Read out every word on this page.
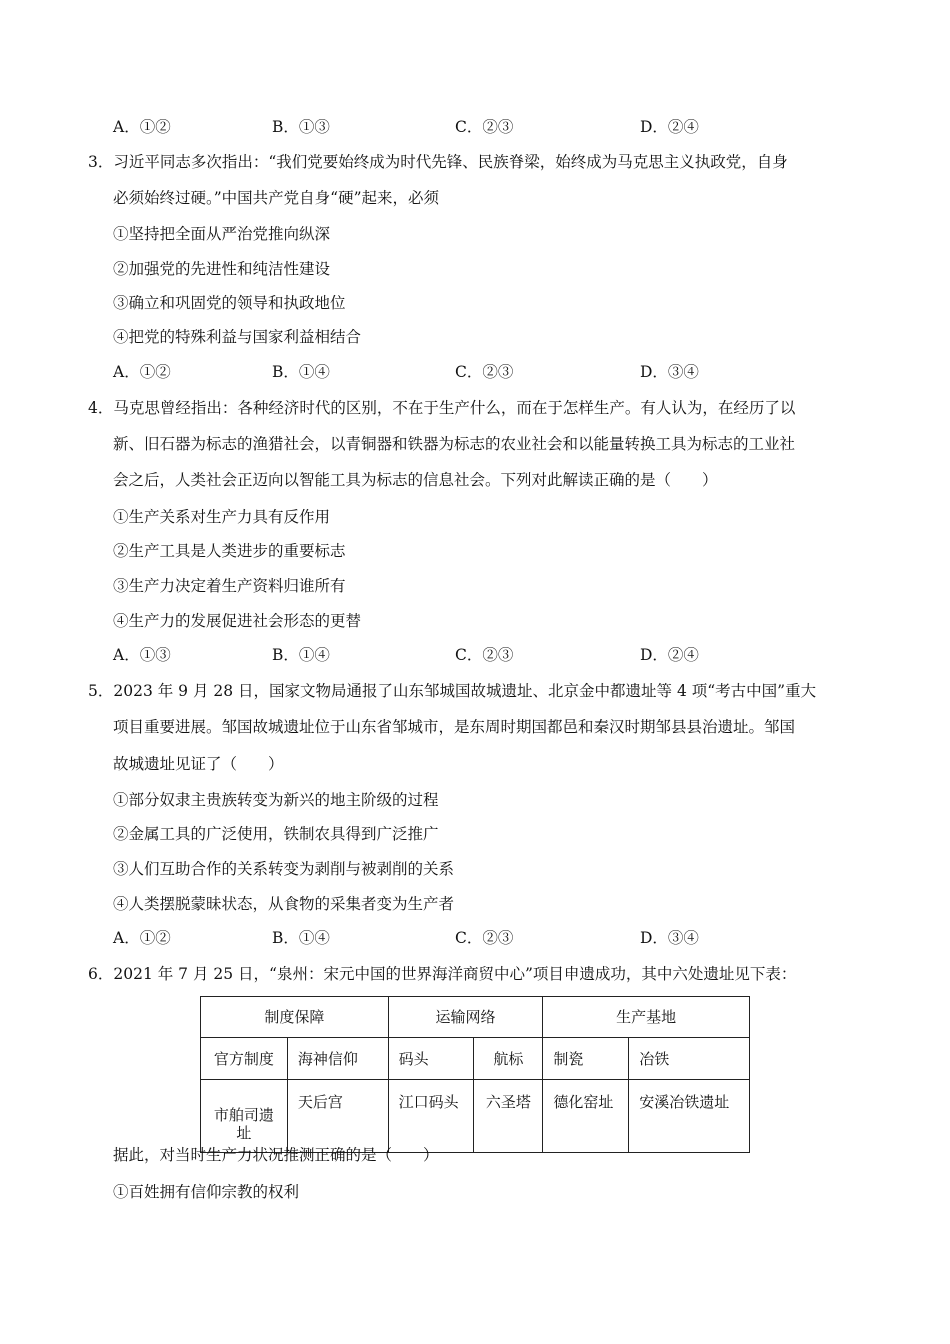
A．①②	B．①③	C．②③	D．②④
3．习近平同志多次指出：“我们党要始终成为时代先锋、民族脊梁，始终成为马克思主义执政党，自身
必须始终过硬。”中国共产党自身“硬”起来，必须
①坚持把全面从严治党推向纵深
②加强党的先进性和纯洁性建设
③确立和巩固党的领导和执政地位
④把党的特殊利益与国家利益相结合
A．①②	B．①④	C．②③	D．③④
4．马克思曾经指出：各种经济时代的区别，不在于生产什么，而在于怎样生产。有人认为，在经历了以
新、旧石器为标志的渔猎社会，以青铜器和铁器为标志的农业社会和以能量转换工具为标志的工业社
会之后，人类社会正迈向以智能工具为标志的信息社会。下列对此解读正确的是（　　）
①生产关系对生产力具有反作用
②生产工具是人类进步的重要标志
③生产力决定着生产资料归谁所有
④生产力的发展促进社会形态的更替
A．①③	B．①④	C．②③	D．②④
5．2023 年 9 月 28 日，国家文物局通报了山东邹城国故城遗址、北京金中都遗址等 4 项“考古中国”重大
项目重要进展。邹国故城遗址位于山东省邹城市，是东周时期国都邑和秦汉时期邹县县治遗址。邹国
故城遗址见证了（　　）
①部分奴隶主贵族转变为新兴的地主阶级的过程
②金属工具的广泛使用，铁制农具得到广泛推广
③人们互助合作的关系转变为剥削与被剥削的关系
④人类摆脱蒙昧状态，从食物的采集者变为生产者
A．①②	B．①④	C．②③	D．③④
6．2021 年 7 月 25 日，“泉州：宋元中国的世界海洋商贸中心”项目申遗成功，其中六处遗址见下表：
制度保障		运输网络		生产基地	
官方制度	海神信仰	码头	航标	制瓷	冶铁
市舶司遗址	天后宫	江口码头	六圣塔	德化窑址	安溪冶铁遗址
据此，对当时生产力状况推测正确的是（　　）
①百姓拥有信仰宗教的权利
